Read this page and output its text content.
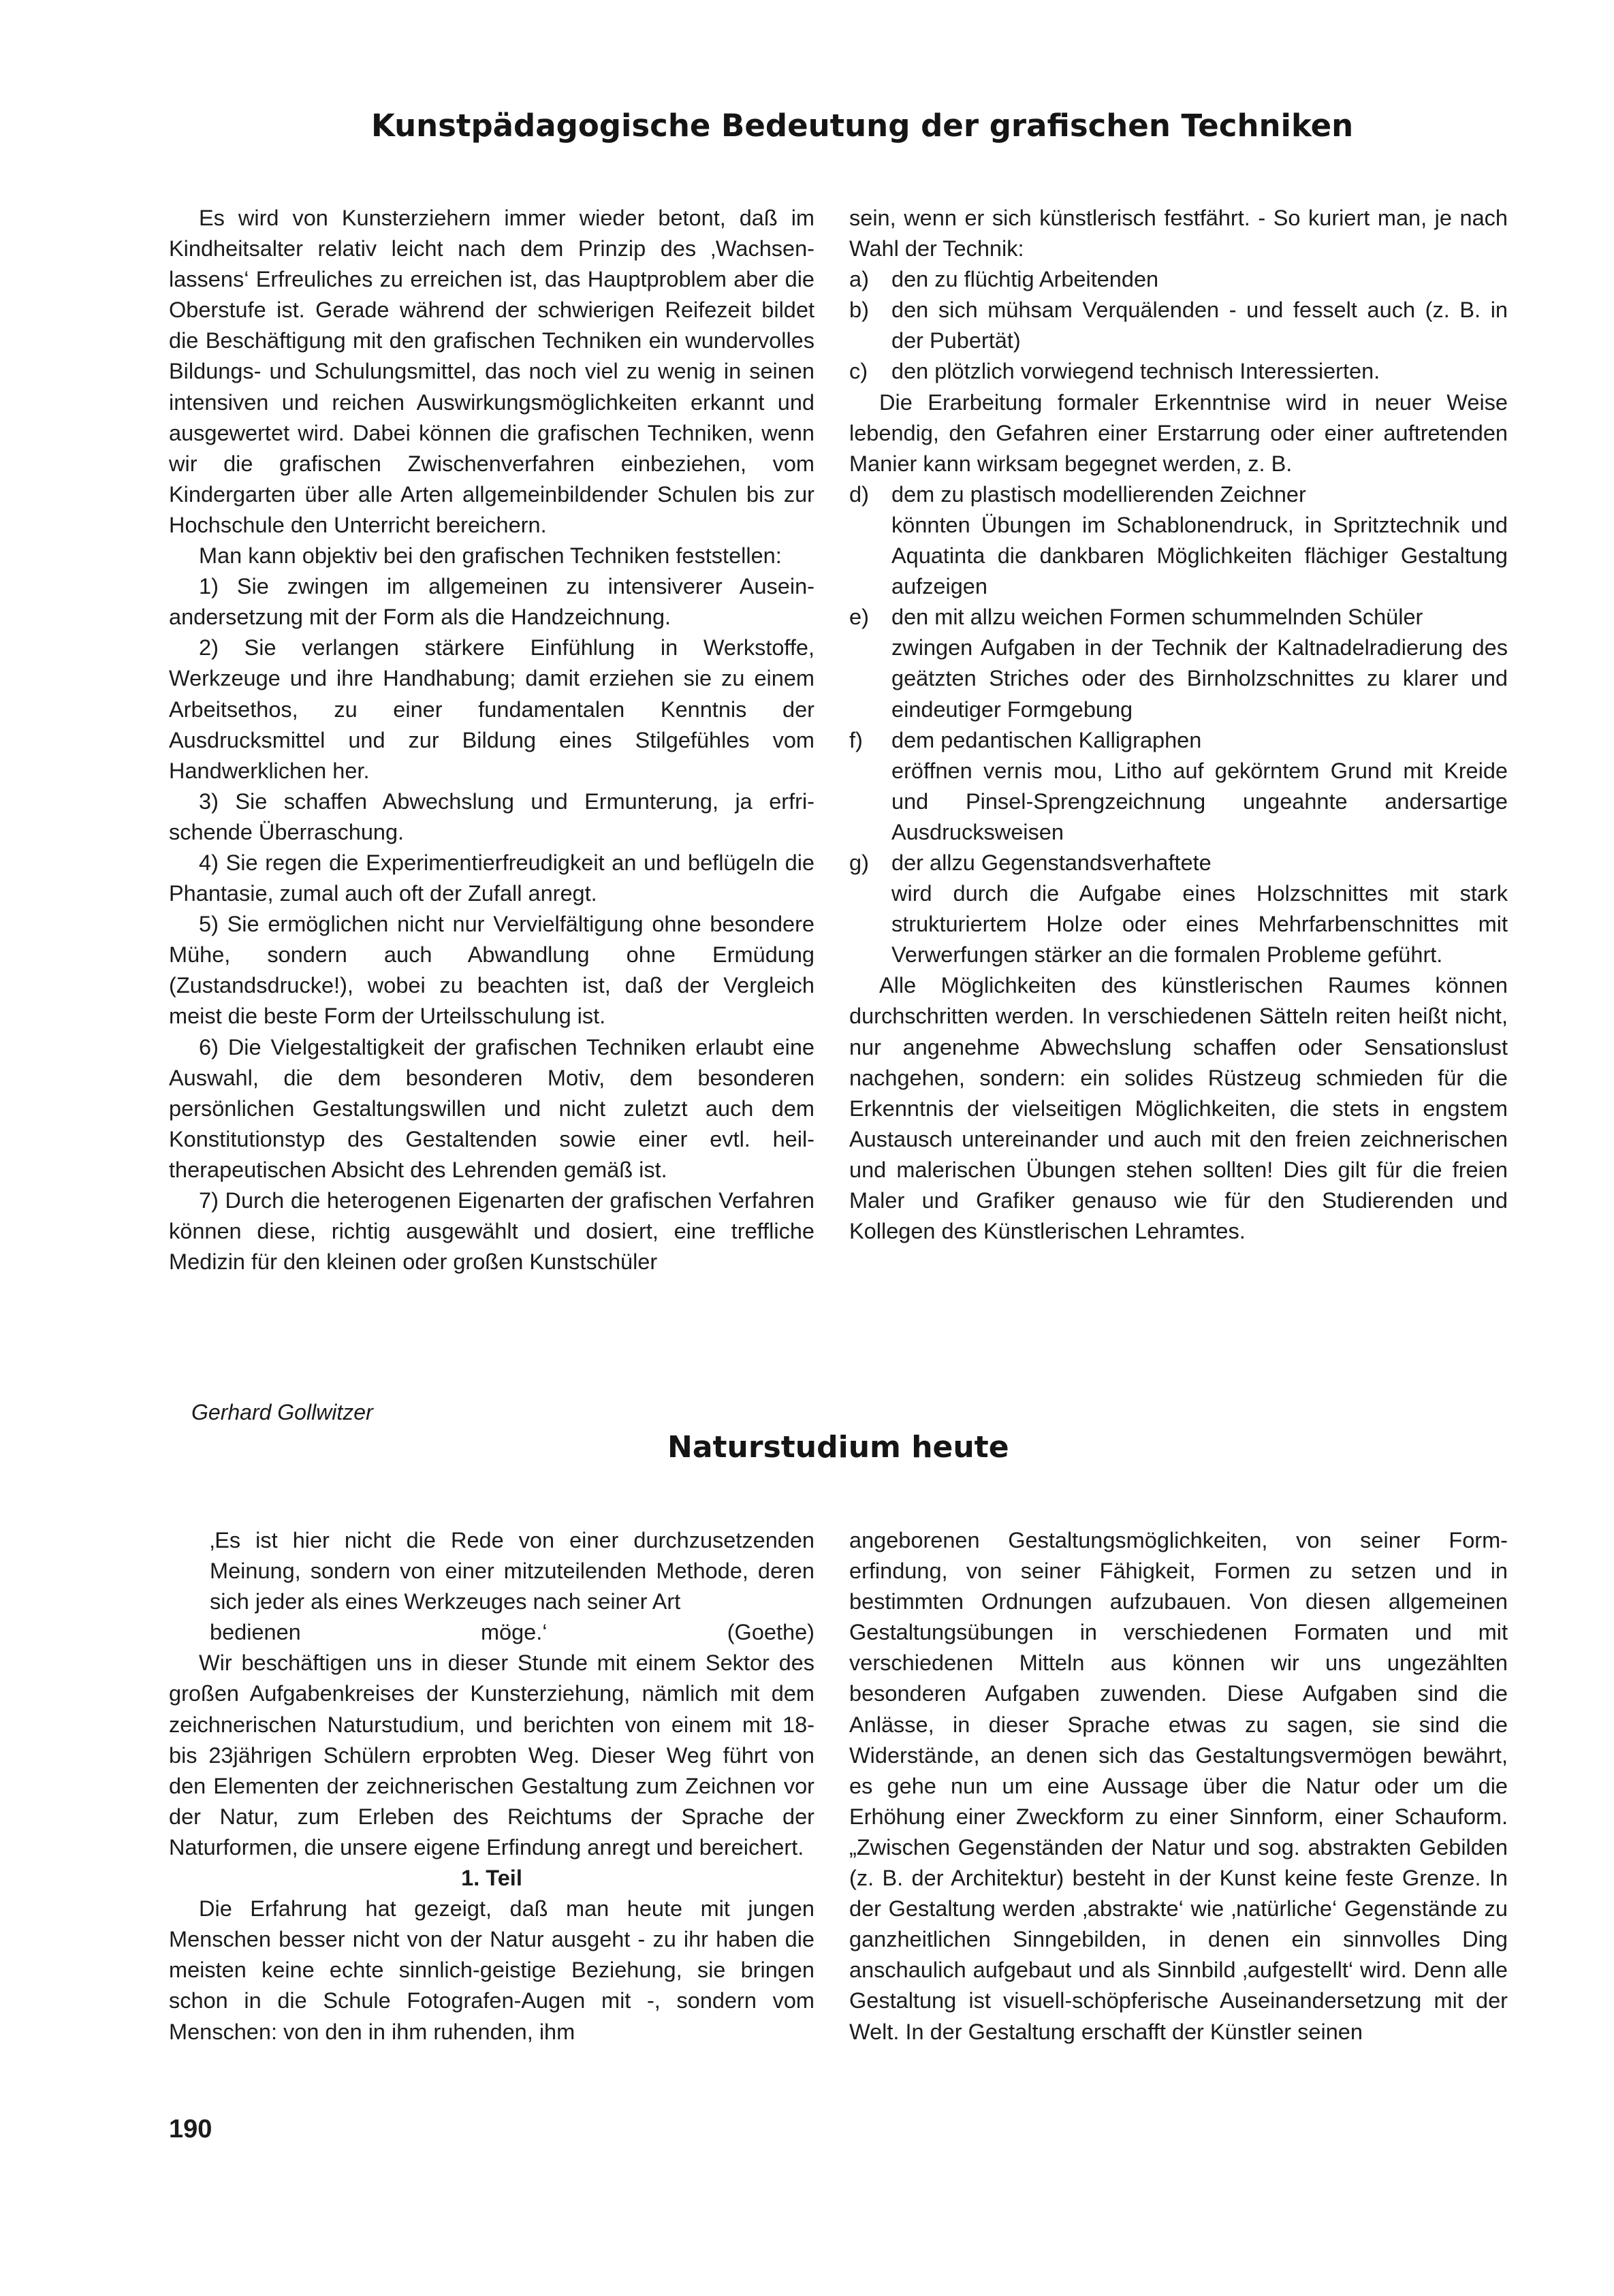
Kunstpädagogische Bedeutung der grafischen Techniken

Es wird von Kunsterziehern immer wieder betont, daß im Kindheitsalter relativ leicht nach dem Prinzip des ‚Wachsenlassens‘ Erfreuliches zu erreichen ist, das Hauptproblem aber die Oberstufe ist. Gerade während der schwierigen Reifezeit bildet die Beschäftigung mit den grafischen Techniken ein wundervolles Bildungs- und Schulungsmittel, das noch viel zu wenig in seinen intensiven und reichen Auswirkungsmöglichkeiten erkannt und ausgewertet wird. Dabei können die grafischen Techniken, wenn wir die grafischen Zwischenverfahren einbeziehen, vom Kindergarten über alle Arten allgemeinbildender Schulen bis zur Hochschule den Unterricht bereichern.

Man kann objektiv bei den grafischen Techniken feststellen:

1) Sie zwingen im allgemeinen zu intensiverer Auseinandersetzung mit der Form als die Handzeichnung.

2) Sie verlangen stärkere Einfühlung in Werkstoffe, Werkzeuge und ihre Handhabung; damit erziehen sie zu einem Arbeitsethos, zu einer fundamentalen Kenntnis der Ausdrucksmittel und zur Bildung eines Stilgefühles vom Handwerklichen her.

3) Sie schaffen Abwechslung und Ermunterung, ja erfrischende Überraschung.

4) Sie regen die Experimentierfreudigkeit an und beflügeln die Phantasie, zumal auch oft der Zufall anregt.

5) Sie ermöglichen nicht nur Vervielfältigung ohne besondere Mühe, sondern auch Abwandlung ohne Ermüdung (Zustandsdrucke!), wobei zu beachten ist, daß der Vergleich meist die beste Form der Urteilsschulung ist.

6) Die Vielgestaltigkeit der grafischen Techniken erlaubt eine Auswahl, die dem besonderen Motiv, dem besonderen persönlichen Gestaltungswillen und nicht zuletzt auch dem Konstitutionstyp des Gestaltenden sowie einer evtl. heiltherapeutischen Absicht des Lehrenden gemäß ist.

7) Durch die heterogenen Eigenarten der grafischen Verfahren können diese, richtig ausgewählt und dosiert, eine treffliche Medizin für den kleinen oder großen Kunstschüler

sein, wenn er sich künstlerisch festfährt. - So kuriert man, je nach Wahl der Technik:

a) den zu flüchtig Arbeitenden

b) den sich mühsam Verquälenden - und fesselt auch (z. B. in der Pubertät)

c) den plötzlich vorwiegend technisch Interessierten.

Die Erarbeitung formaler Erkenntnise wird in neuer Weise lebendig, den Gefahren einer Erstarrung oder einer auftretenden Manier kann wirksam begegnet werden, z. B.

d) dem zu plastisch modellierenden Zeichner

könnten Übungen im Schablonendruck, in Spritztechnik und Aquatinta die dankbaren Möglichkeiten flächiger Gestaltung aufzeigen

e) den mit allzu weichen Formen schummelnden Schüler

zwingen Aufgaben in der Technik der Kaltnadelradierung des geätzten Striches oder des Birnholzschnittes zu klarer und eindeutiger Formgebung

f) dem pedantischen Kalligraphen

eröffnen vernis mou, Litho auf gekörntem Grund mit Kreide und Pinsel-Sprengzeichnung ungeahnte andersartige Ausdrucksweisen

g) der allzu Gegenstandsverhaftete

wird durch die Aufgabe eines Holzschnittes mit stark strukturiertem Holze oder eines Mehrfarbenschnittes mit Verwerfungen stärker an die formalen Probleme geführt.

Alle Möglichkeiten des künstlerischen Raumes können durchschritten werden. In verschiedenen Sätteln reiten heißt nicht, nur angenehme Abwechslung schaffen oder Sensationslust nachgehen, sondern: ein solides Rüstzeug schmieden für die Erkenntnis der vielseitigen Möglichkeiten, die stets in engstem Austausch untereinander und auch mit den freien zeichnerischen und malerischen Übungen stehen sollten! Dies gilt für die freien Maler und Grafiker genauso wie für den Studierenden und Kollegen des Künstlerischen Lehramtes.

Gerhard Gollwitzer
Naturstudium heute

‚Es ist hier nicht die Rede von einer durchzusetzenden Meinung, sondern von einer mitzuteilenden Methode, deren sich jeder als eines Werkzeuges nach seiner Art

bedienen möge.‘	(Goethe)

Wir beschäftigen uns in dieser Stunde mit einem Sektor des großen Aufgabenkreises der Kunsterziehung, nämlich mit dem zeichnerischen Naturstudium, und berichten von einem mit 18- bis 23jährigen Schülern erprobten Weg. Dieser Weg führt von den Elementen der zeichnerischen Gestaltung zum Zeichnen vor der Natur, zum Erleben des Reichtums der Sprache der Naturformen, die unsere eigene Erfindung anregt und bereichert.

1. Teil

Die Erfahrung hat gezeigt, daß man heute mit jungen Menschen besser nicht von der Natur ausgeht - zu ihr haben die meisten keine echte sinnlich-geistige Beziehung, sie bringen schon in die Schule Fotografen-Augen mit -, sondern vom Menschen: von den in ihm ruhenden, ihm

angeborenen Gestaltungsmöglichkeiten, von seiner Formerfindung, von seiner Fähigkeit, Formen zu setzen und in bestimmten Ordnungen aufzubauen. Von diesen allgemeinen Gestaltungsübungen in verschiedenen Formaten und mit verschiedenen Mitteln aus können wir uns ungezählten besonderen Aufgaben zuwenden. Diese Aufgaben sind die Anlässe, in dieser Sprache etwas zu sagen, sie sind die Widerstände, an denen sich das Gestaltungsvermögen bewährt, es gehe nun um eine Aussage über die Natur oder um die Erhöhung einer Zweckform zu einer Sinnform, einer Schauform. „Zwischen Gegenständen der Natur und sog. abstrakten Gebilden (z. B. der Architektur) besteht in der Kunst keine feste Grenze. In der Gestaltung werden ‚abstrakte‘ wie ‚natürliche‘ Gegenstände zu ganzheitlichen Sinngebilden, in denen ein sinnvolles Ding anschaulich aufgebaut und als Sinnbild ‚aufgestellt‘ wird. Denn alle Gestaltung ist visuell-schöpferische Auseinandersetzung mit der Welt. In der Gestaltung erschafft der Künstler seinen

190
